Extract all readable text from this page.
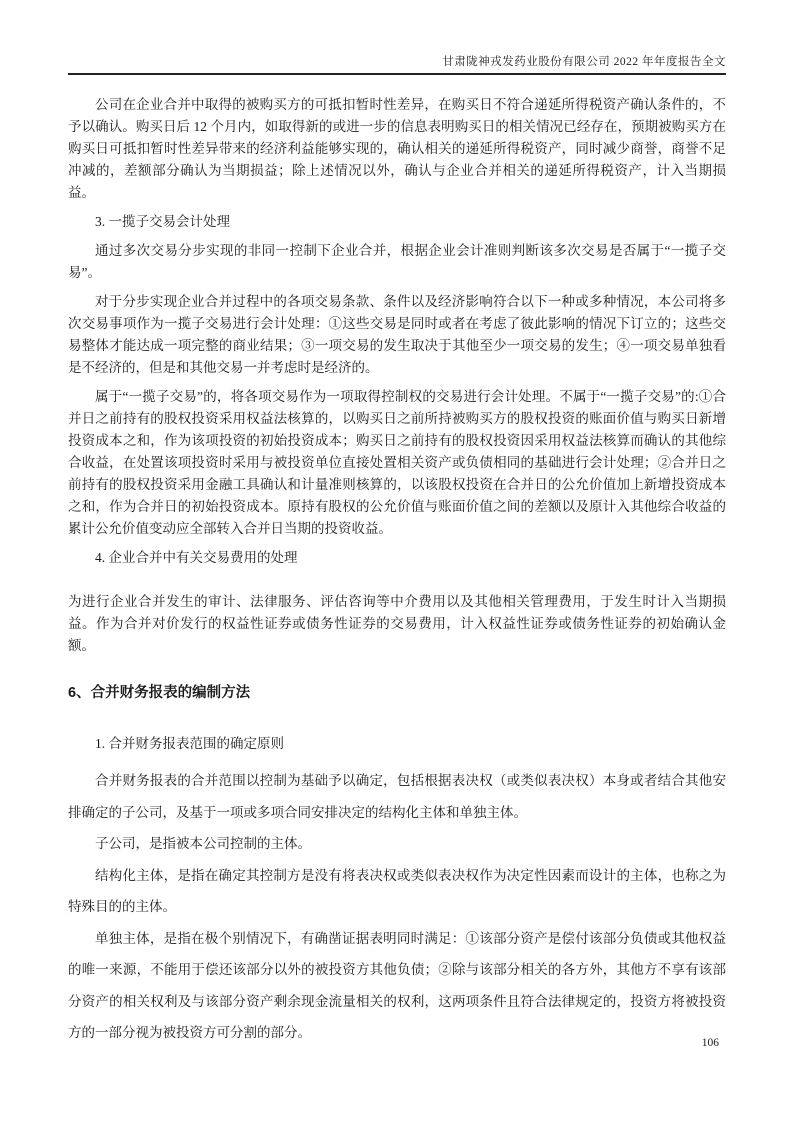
甘肃陇神戎发药业股份有限公司 2022 年年度报告全文

公司在企业合并中取得的被购买方的可抵扣暂时性差异，在购买日不符合递延所得税资产确认条件的，不予以确认。购买日后 12 个月内，如取得新的或进一步的信息表明购买日的相关情况已经存在，预期被购买方在购买日可抵扣暂时性差异带来的经济利益能够实现的，确认相关的递延所得税资产，同时减少商誉，商誉不足冲减的，差额部分确认为当期损益；除上述情况以外，确认与企业合并相关的递延所得税资产，计入当期损益。

3. 一揽子交易会计处理

通过多次交易分步实现的非同一控制下企业合并，根据企业会计准则判断该多次交易是否属于“一揽子交易”。

对于分步实现企业合并过程中的各项交易条款、条件以及经济影响符合以下一种或多种情况，本公司将多次交易事项作为一揽子交易进行会计处理：①这些交易是同时或者在考虑了彼此影响的情况下订立的；这些交易整体才能达成一项完整的商业结果；③一项交易的发生取决于其他至少一项交易的发生；④一项交易单独看是不经济的，但是和其他交易一并考虑时是经济的。

属于“一揽子交易”的，将各项交易作为一项取得控制权的交易进行会计处理。不属于“一揽子交易”的:①合并日之前持有的股权投资采用权益法核算的，以购买日之前所持被购买方的股权投资的账面价值与购买日新增投资成本之和，作为该项投资的初始投资成本；购买日之前持有的股权投资因采用权益法核算而确认的其他综合收益，在处置该项投资时采用与被投资单位直接处置相关资产或负债相同的基础进行会计处理；②合并日之前持有的股权投资采用金融工具确认和计量准则核算的，以该股权投资在合并日的公允价值加上新增投资成本之和，作为合并日的初始投资成本。原持有股权的公允价值与账面价值之间的差额以及原计入其他综合收益的累计公允价值变动应全部转入合并日当期的投资收益。

4. 企业合并中有关交易费用的处理

为进行企业合并发生的审计、法律服务、评估咨询等中介费用以及其他相关管理费用，于发生时计入当期损益。作为合并对价发行的权益性证券或债务性证券的交易费用，计入权益性证券或债务性证券的初始确认金额。

6、合并财务报表的编制方法

1. 合并财务报表范围的确定原则

合并财务报表的合并范围以控制为基础予以确定，包括根据表决权（或类似表决权）本身或者结合其他安排确定的子公司，及基于一项或多项合同安排决定的结构化主体和单独主体。

子公司，是指被本公司控制的主体。

结构化主体，是指在确定其控制方是没有将表决权或类似表决权作为决定性因素而设计的主体，也称之为特殊目的的主体。

单独主体，是指在极个别情况下，有确凿证据表明同时满足：①该部分资产是偿付该部分负债或其他权益的唯一来源，不能用于偿还该部分以外的被投资方其他负债；②除与该部分相关的各方外，其他方不享有该部分资产的相关权利及与该部分资产剩余现金流量相关的权利，这两项条件且符合法律规定的，投资方将被投资方的一部分视为被投资方可分割的部分。

106
